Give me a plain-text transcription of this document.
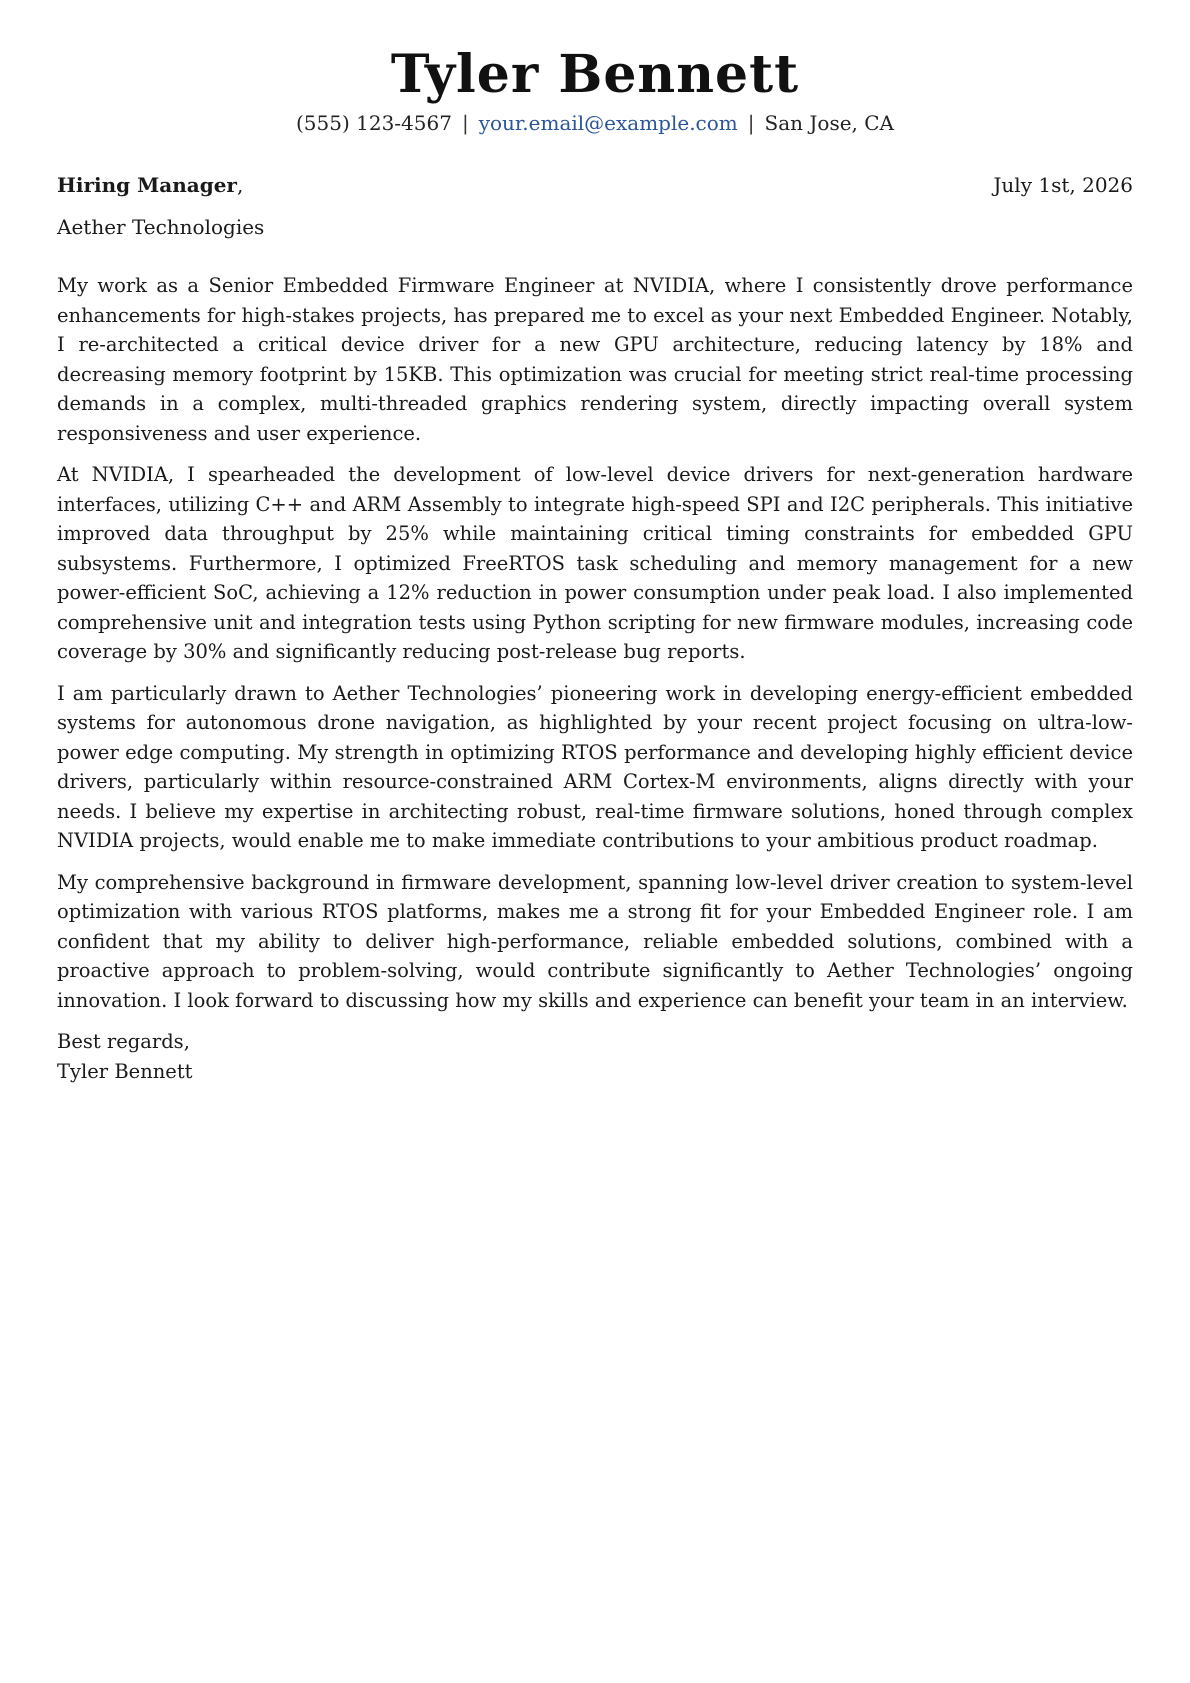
Tyler Bennett
(555) 123-4567 | your.email@example.com | San Jose, CA
Hiring Manager,	July 1st, 2026
Aether Technologies

My work as a Senior Embedded Firmware Engineer at NVIDIA, where I consistently drove performance enhancements for high-stakes projects, has prepared me to excel as your next Embedded Engineer. Notably, I re-architected a critical device driver for a new GPU architecture, reducing latency by 18% and decreasing memory footprint by 15KB. This optimization was crucial for meeting strict real-time processing demands in a complex, multi-threaded graphics rendering system, directly impacting overall system responsiveness and user experience.

At NVIDIA, I spearheaded the development of low-level device drivers for next-generation hardware interfaces, utilizing C++ and ARM Assembly to integrate high-speed SPI and I2C peripherals. This initiative improved data throughput by 25% while maintaining critical timing constraints for embedded GPU subsystems. Furthermore, I optimized FreeRTOS task scheduling and memory management for a new power-efficient SoC, achieving a 12% reduction in power consumption under peak load. I also implemented comprehensive unit and integration tests using Python scripting for new firmware modules, increasing code coverage by 30% and significantly reducing post-release bug reports.

I am particularly drawn to Aether Technologies’ pioneering work in developing energy-efficient embedded systems for autonomous drone navigation, as highlighted by your recent project focusing on ultra-low-power edge computing. My strength in optimizing RTOS performance and developing highly efficient device drivers, particularly within resource-constrained ARM Cortex-M environments, aligns directly with your needs. I believe my expertise in architecting robust, real-time firmware solutions, honed through complex NVIDIA projects, would enable me to make immediate contributions to your ambitious product roadmap.

My comprehensive background in firmware development, spanning low-level driver creation to system-level optimization with various RTOS platforms, makes me a strong fit for your Embedded Engineer role. I am confident that my ability to deliver high-performance, reliable embedded solutions, combined with a proactive approach to problem-solving, would contribute significantly to Aether Technologies’ ongoing innovation. I look forward to discussing how my skills and experience can benefit your team in an interview.

Best regards,
Tyler Bennett
